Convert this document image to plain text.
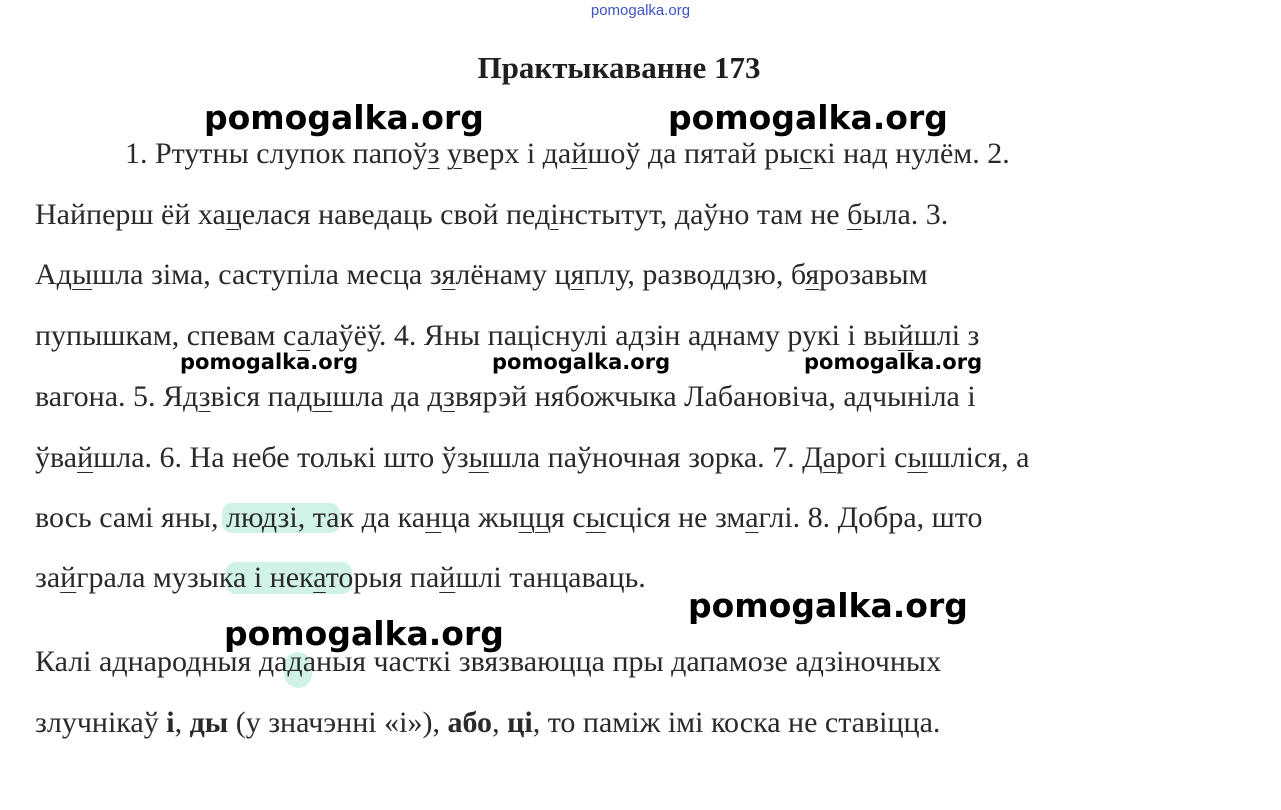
pomogalka.org
Практыкаванне 173
1. Ртутны слупок папоўз уверх і дайшоў да пятай рыскі над нулём. 2.
Найперш ёй хацелася наведаць свой педінстытут, даўно там не была. 3.
Адышла зіма, саступіла месца зялёнаму цяплу, разводдзю, бярозавым
пупышкам, спевам салаўёў. 4. Яны пацiснулi адзін аднаму рукi і выйшлі з
вагона. 5. Ядзвіся падышла да дзвярэй нябожчыка Лабановіча, адчыніла і
ўвайшла. 6. На небе толькі што ўзышла паўночная зорка. 7. Дарогі сышліся, а
вось самі яны, людзі, так да канца жыцця сысціся не змаглі. 8. Добра, што
зайграла музыка і некаторыя пайшлі танцаваць.
Калі аднародныя даданыя часткі звязваюцца пры дапамозе адзіночных
злучнікаў і, ды (у значэнні «і»), або, ці, то паміж імі коска не ставіцца.
pomogalka.org	pomogalka.org
pomogalka.org	pomogalka.org	pomogalka.org
pomogalka.org
pomogalka.org
